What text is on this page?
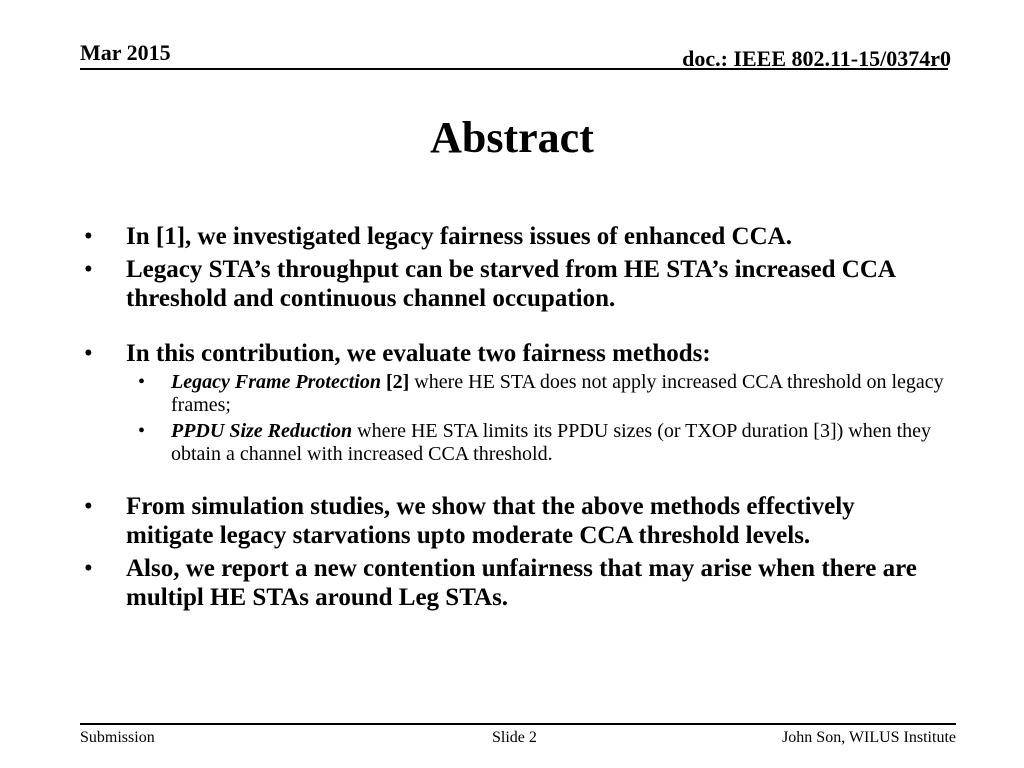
Mar 2015	doc.: IEEE 802.11-15/0374r0
Abstract
• In [1], we investigated legacy fairness issues of enhanced CCA.
• Legacy STA’s throughput can be starved from HE STA’s increased CCA threshold and continuous channel occupation.
• In this contribution, we evaluate two fairness methods:
• Legacy Frame Protection [2] where HE STA does not apply increased CCA threshold on legacy frames;
• PPDU Size Reduction where HE STA limits its PPDU sizes (or TXOP duration [3]) when they obtain a channel with increased CCA threshold.
• From simulation studies, we show that the above methods effectively mitigate legacy starvations upto moderate CCA threshold levels.
• Also, we report a new contention unfairness that may arise when there are multipl HE STAs around Leg STAs.
Submission	Slide 2	John Son, WILUS Institute
